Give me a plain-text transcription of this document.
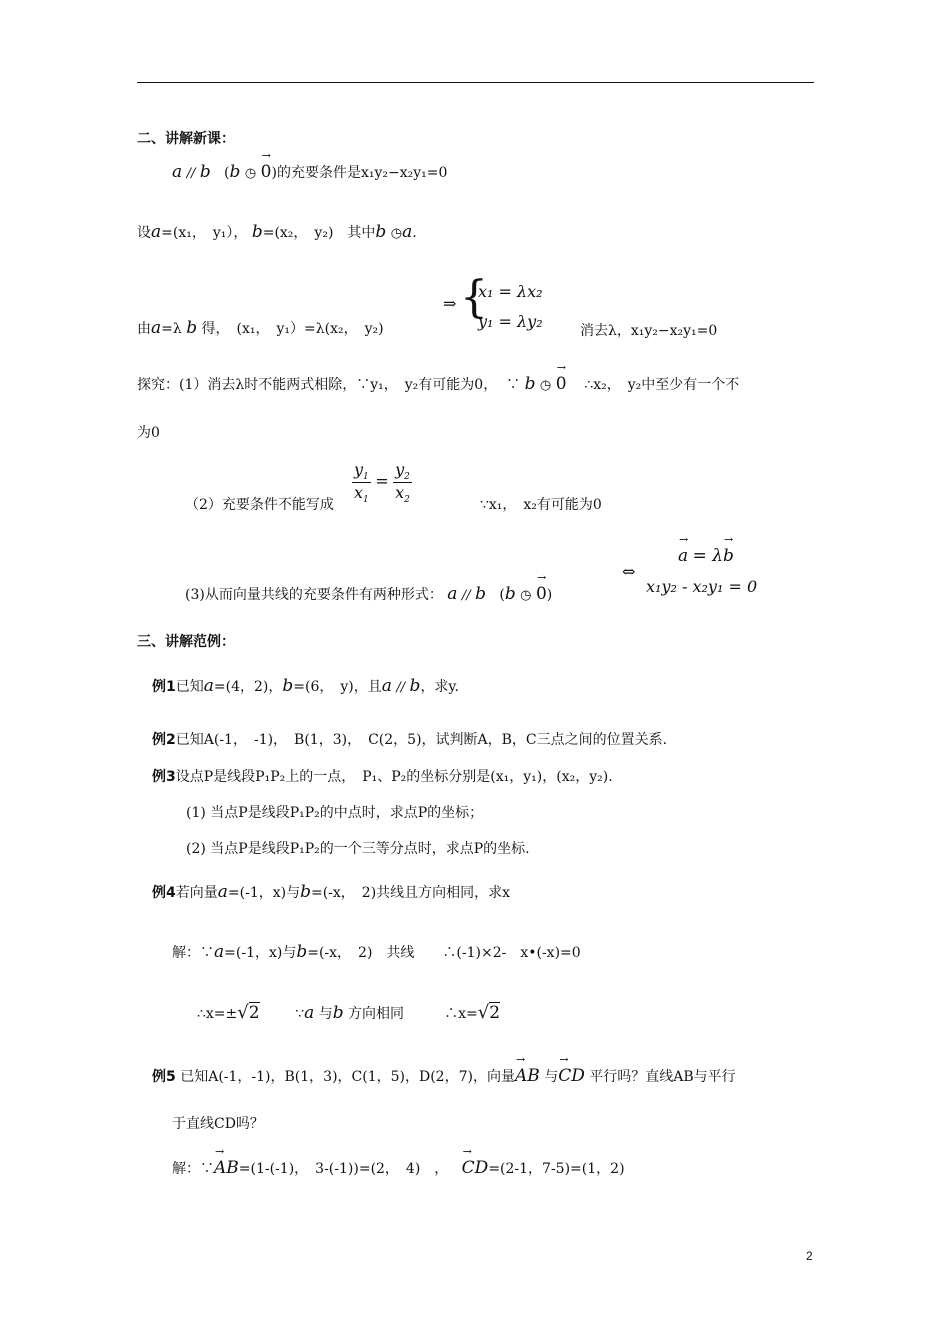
二、讲解新课：
a // b   (b ◷ 0 →)的充要条件是x₁y₂−x₂y₁=0
设a=(x₁，　y₁）， b=(x₂，　y₂)　其中b ◷a.
由a=λ b 得，　(x₁，　y₁）=λ(x₂，　y₂)
⇒ {
x₁ = λx₂
y₁ = λy₂	消去λ，x₁y₂−x₂y₁=0
探究：(1）消去λ时不能两式相除，∵y₁，　y₂有可能为0，  ∵ b ◷ 0 → ∴x₂，　y₂中至少有一个不
为0
（2）充要条件不能写成 $\frac{y_1}{x_1} = \frac{y_2}{x_2}$	∵x₁，　x₂有可能为0
(3)从而向量共线的充要条件有两种形式： a // b   (b ◷ 0 →)
⇔
a → = λb →
x₁y₂ - x₂y₁ = 0
三、讲解范例：
例1已知a=(4，2)，b=(6，　y)，且a // b，求y.
例2已知A(-1，　-1)，　B(1，3)，　C(2，5)，试判断A，B，C三点之间的位置关系.
例3设点P是线段P₁P₂上的一点，　P₁、P₂的坐标分别是(x₁，y₁)，(x₂，y₂).
(1) 当点P是线段P₁P₂的中点时，求点P的坐标；
(2) 当点P是线段P₁P₂的一个三等分点时，求点P的坐标.
例4若向量a=(-1，x)与b=(-x，　2)共线且方向相同，求x
解：∵a=(-1，x)与b=(-x，　2)　共线　　∴(-1)×2-　x•(-x)=0
∴x=±√2	∵a 与b 方向相同	∴x=√2
例5 已知A(-1，-1)，B(1，3)，C(1，5)，D(2，7)，向量AB → 与CD → 平行吗？直线AB与平行
于直线CD吗？
解：∵AB →=(1-(-1)，　3-(-1))=(2，　4)　， CD →=(2-1，7-5)=(1，2)
2
